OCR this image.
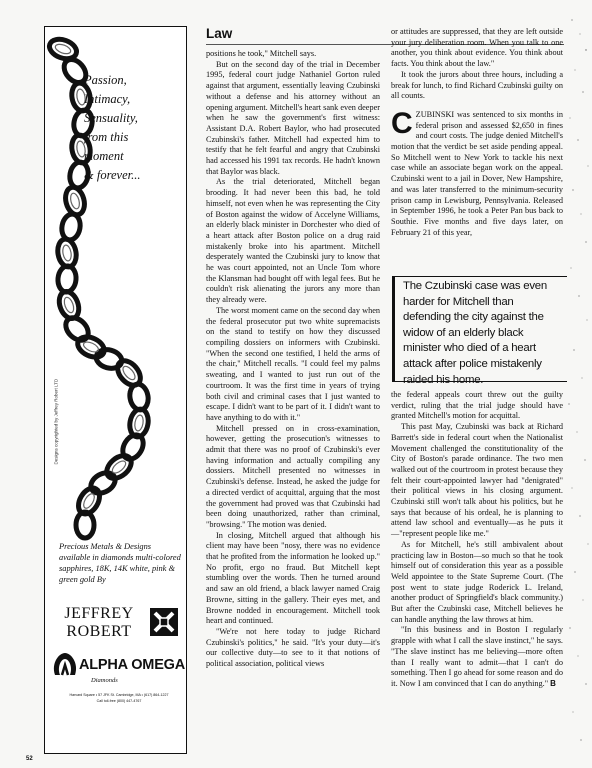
Passion,
Intimacy,
Sensuality,
from this
moment
& forever...
Designs copyrighted by Jeffrey Robert LTD
Precious Metals & Designs
available in diamonds multi-colored
sapphires, 18K, 14K white, pink &
green gold By
JEFFREY
ROBERT
ALPHA OMEGA
Diamonds
Harvard Square • 57 JFK St. Cambridge, MA • (617) 864-1227
Call toll-free (800) 447-4767
Law

positions he took," Mitchell says.

But on the second day of the trial in December 1995, federal court judge Nathaniel Gorton ruled against that argument, essentially leaving Czubinski without a defense and his attorney without an opening argument. Mitchell's heart sank even deeper when he saw the government's first witness: Assistant D.A. Robert Baylor, who had prosecuted Czubinski's father. Mitchell had expected him to testify that he felt fearful and angry that Czubinski had accessed his 1991 tax records. He hadn't known that Baylor was black.

As the trial deteriorated, Mitchell began brooding. It had never been this bad, he told himself, not even when he was representing the City of Boston against the widow of Accelyne Williams, an elderly black minister in Dorchester who died of a heart attack after Boston police on a drug raid mistakenly broke into his apartment. Mitchell desperately wanted the Czubinski jury to know that he was court appointed, not an Uncle Tom whore the Klansman had bought off with legal fees. But he couldn't risk alienating the jurors any more than they already were.

The worst moment came on the second day when the federal prosecutor put two white supremacists on the stand to testify on how they discussed compiling dossiers on informers with Czubinski. "When the second one testified, I held the arms of the chair," Mitchell recalls. "I could feel my palms sweating, and I wanted to just run out of the courtroom. It was the first time in years of trying both civil and criminal cases that I just wanted to escape. I didn't want to be part of it. I didn't want to have anything to do with it."

Mitchell pressed on in cross-examination, however, getting the prosecution's witnesses to admit that there was no proof of Czubinski's ever having information and actually compiling any dossiers. Mitchell presented no witnesses in Czubinski's defense. Instead, he asked the judge for a directed verdict of acquittal, arguing that the most the government had proved was that Czubinski had been doing unauthorized, rather than criminal, "browsing." The motion was denied.

In closing, Mitchell argued that although his client may have been "nosy, there was no evidence that he profited from the information he looked up." No profit, ergo no fraud. But Mitchell kept stumbling over the words. Then he turned around and saw an old friend, a black lawyer named Craig Browne, sitting in the gallery. Their eyes met, and Browne nodded in encouragement. Mitchell took heart and continued.

"We're not here today to judge Richard Czubinski's politics," he said. "It's your duty—it's our collective duty—to see to it that notions of political association, political views

or attitudes are suppressed, that they are left outside your jury deliberation room. When you talk to one another, you think about evidence. You think about facts. You think about the law."

It took the jurors about three hours, including a break for lunch, to find Richard Czubinski guilty on all counts.

CZUBINSKI was sentenced to six months in federal prison and assessed $2,650 in fines and court costs. The judge denied Mitchell's motion that the verdict be set aside pending appeal. So Mitchell went to New York to tackle his next case while an associate began work on the appeal. Czubinski went to a jail in Dover, New Hampshire, and was later transferred to the minimum-security prison camp in Lewisburg, Pennsylvania. Released in September 1996, he took a Peter Pan bus back to Southie. Five months and five days later, on February 21 of this year,

The Czubinski case was even harder for Mitchell than defending the city against the widow of an elderly black minister who died of a heart attack after police mistakenly raided his home.

the federal appeals court threw out the guilty verdict, ruling that the trial judge should have granted Mitchell's motion for acquittal.

This past May, Czubinski was back at Richard Barrett's side in federal court when the Nationalist Movement challenged the constitutionality of the City of Boston's parade ordinance. The two men walked out of the courtroom in protest because they felt their court-appointed lawyer had "denigrated" their political views in his closing argument. Czubinski still won't talk about his politics, but he says that because of his ordeal, he is planning to attend law school and eventually—as he puts it—"represent people like me."

As for Mitchell, he's still ambivalent about practicing law in Boston—so much so that he took himself out of consideration this year as a possible Weld appointee to the State Supreme Court. (The post went to state judge Roderick L. Ireland, another product of Springfield's black community.) But after the Czubinski case, Mitchell believes he can handle anything the law throws at him.

"In this business and in Boston I regularly grapple with what I call the slave instinct," he says. "The slave instinct has me believing—more often than I really want to admit—that I can't do something. Then I go ahead for some reason and do it. Now I am convinced that I can do anything." B

52
